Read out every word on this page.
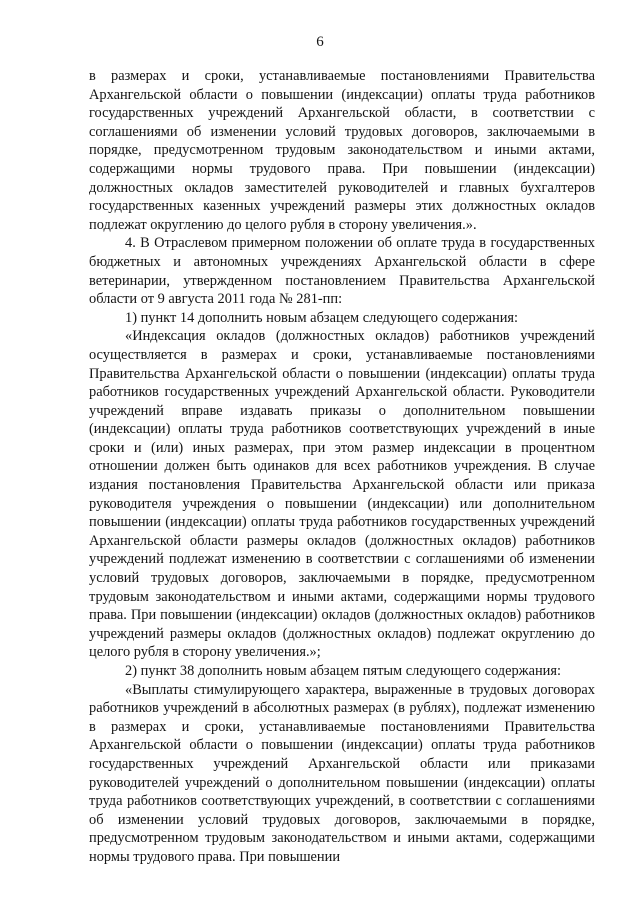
6

в размерах и сроки, устанавливаемые постановлениями Правительства Архангельской области о повышении (индексации) оплаты труда работников государственных учреждений Архангельской области, в соответствии с соглашениями об изменении условий трудовых договоров, заключаемыми в порядке, предусмотренном трудовым законодательством и иными актами, содержащими нормы трудового права. При повышении (индексации) должностных окладов заместителей руководителей и главных бухгалтеров государственных казенных учреждений размеры этих должностных окладов подлежат округлению до целого рубля в сторону увеличения.».

4. В Отраслевом примерном положении об оплате труда в государственных бюджетных и автономных учреждениях Архангельской области в сфере ветеринарии, утвержденном постановлением Правительства Архангельской области от 9 августа 2011 года № 281-пп:

1) пункт 14 дополнить новым абзацем следующего содержания:

«Индексация окладов (должностных окладов) работников учреждений осуществляется в размерах и сроки, устанавливаемые постановлениями Правительства Архангельской области о повышении (индексации) оплаты труда работников государственных учреждений Архангельской области. Руководители учреждений вправе издавать приказы о дополнительном повышении (индексации) оплаты труда работников соответствующих учреждений в иные сроки и (или) иных размерах, при этом размер индексации в процентном отношении должен быть одинаков для всех работников учреждения. В случае издания постановления Правительства Архангельской области или приказа руководителя учреждения о повышении (индексации) или дополнительном повышении (индексации) оплаты труда работников государственных учреждений Архангельской области размеры окладов (должностных окладов) работников учреждений подлежат изменению в соответствии с соглашениями об изменении условий трудовых договоров, заключаемыми в порядке, предусмотренном трудовым законодательством и иными актами, содержащими нормы трудового права. При повышении (индексации) окладов (должностных окладов) работников учреждений размеры окладов (должностных окладов) подлежат округлению до целого рубля в сторону увеличения.»;

2) пункт 38 дополнить новым абзацем пятым следующего содержания:

«Выплаты стимулирующего характера, выраженные в трудовых договорах работников учреждений в абсолютных размерах (в рублях), подлежат изменению в размерах и сроки, устанавливаемые постановлениями Правительства Архангельской области о повышении (индексации) оплаты труда работников государственных учреждений Архангельской области или приказами руководителей учреждений о дополнительном повышении (индексации) оплаты труда работников соответствующих учреждений, в соответствии с соглашениями об изменении условий трудовых договоров, заключаемыми в порядке, предусмотренном трудовым законодательством и иными актами, содержащими нормы трудового права. При повышении
